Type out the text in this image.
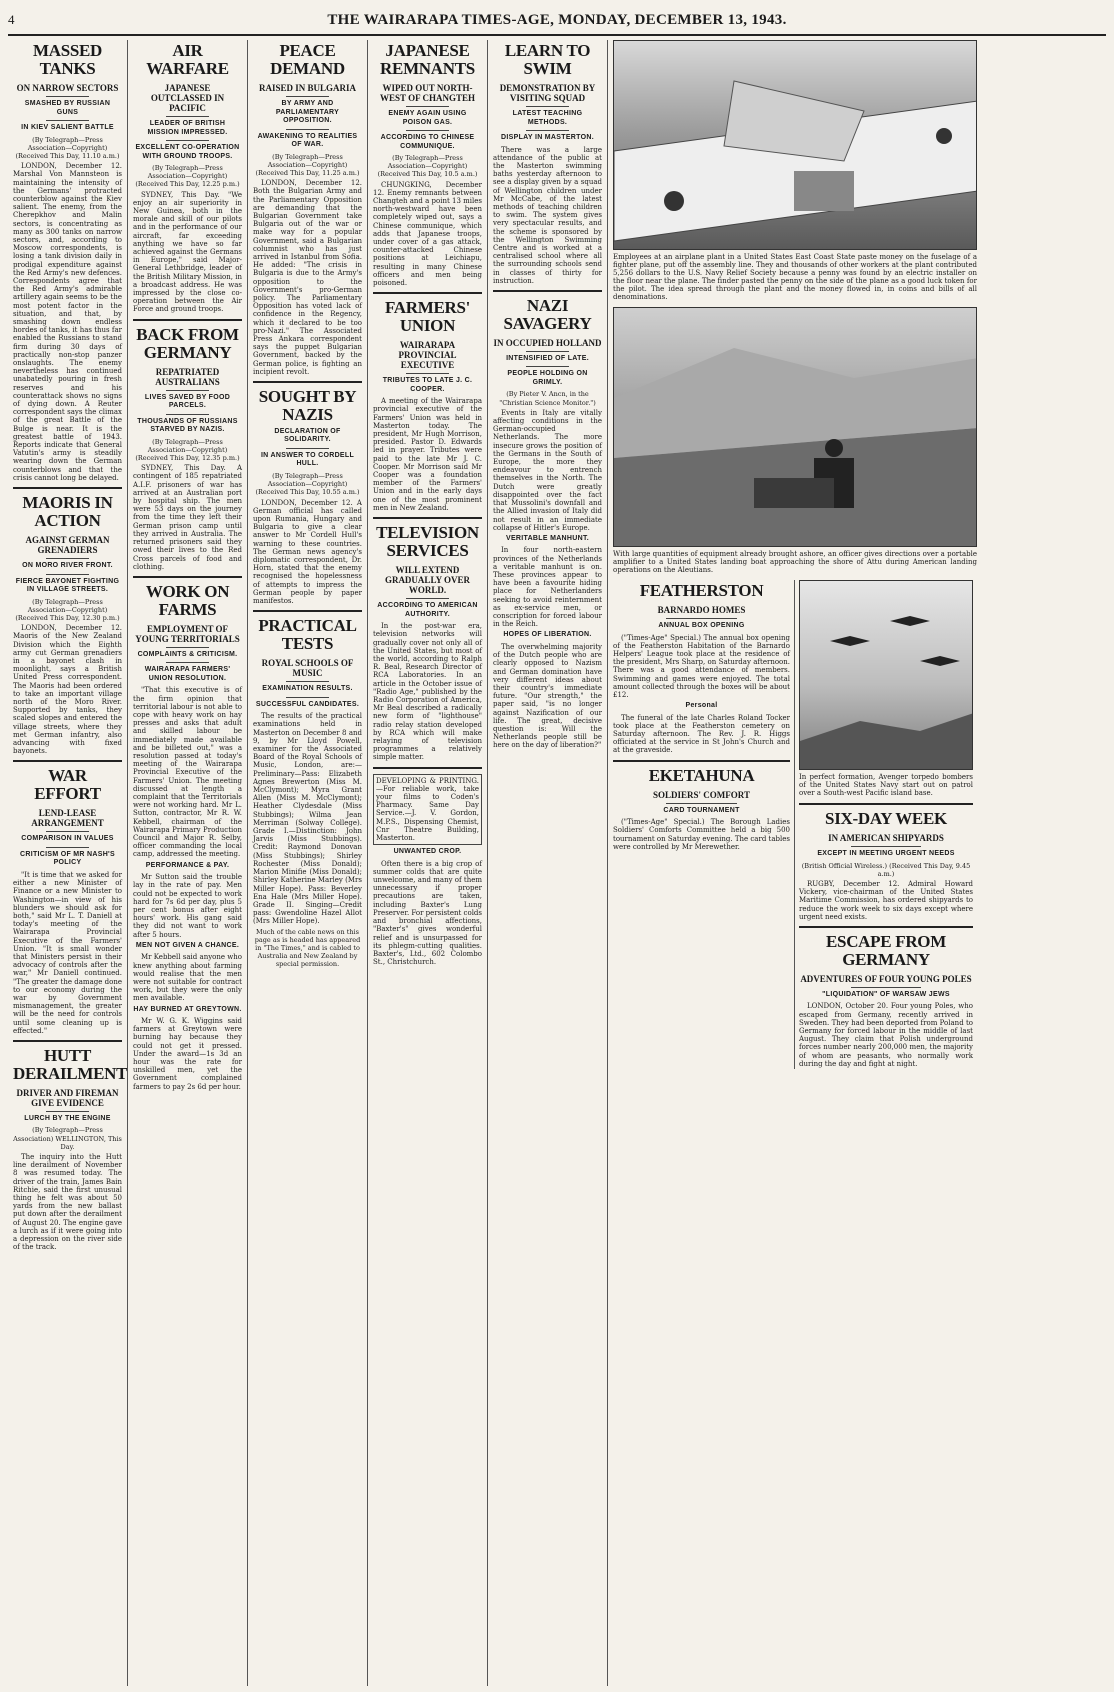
4	THE WAIRARAPA TIMES-AGE, MONDAY, DECEMBER 13, 1943.
MASSED TANKS
ON NARROW SECTORS
SMASHED BY RUSSIAN GUNS
IN KIEV SALIENT BATTLE

(By Telegraph—Press Association—Copyright) (Received This Day, 11.10 a.m.)

LONDON, December 12. Marshal Von Mannsteon is maintaining the intensity of the Germans' protracted counterblow against the Kiev salient. The enemy, from the Cherepkhov and Malin sectors, is concentrating as many as 300 tanks on narrow sectors, and, according to Moscow correspondents, is losing a tank division daily in prodigal expenditure against the Red Army's new defences. Correspondents agree that the Red Army's admirable artillery again seems to be the most potent factor in the situation, and that, by smashing down endless hordes of tanks, it has thus far enabled the Russians to stand firm during 30 days of practically non-stop panzer onslaughts. The enemy nevertheless has continued unabatedly pouring in fresh reserves and his counterattack shows no signs of dying down. A Reuter correspondent says the climax of the great Battle of the Bulge is near. It is the greatest battle of 1943. Reports indicate that General Vatutin's army is steadily wearing down the German counterblows and that the crisis cannot long be delayed.

MAORIS IN ACTION
AGAINST GERMAN GRENADIERS
ON MORO RIVER FRONT.
FIERCE BAYONET FIGHTING IN VILLAGE STREETS.

(By Telegraph—Press Association—Copyright) (Received This Day, 12.30 p.m.)

LONDON, December 12. Maoris of the New Zealand Division which the Eighth army cut German grenadiers in a bayonet clash in moonlight, says a British United Press correspondent. The Maoris had been ordered to take an important village north of the Moro River. Supported by tanks, they scaled slopes and entered the village streets, where they met German infantry, also advancing with fixed bayonets.

WAR EFFORT
LEND-LEASE ARRANGEMENT
COMPARISON IN VALUES
CRITICISM OF MR NASH'S POLICY

"It is time that we asked for either a new Minister of Finance or a new Minister to Washington—in view of his blunders we should ask for both," said Mr L. T. Daniell at today's meeting of the Wairarapa Provincial Executive of the Farmers' Union. "It is small wonder that Ministers persist in their advocacy of controls after the war," Mr Daniell continued. "The greater the damage done to our economy during the war by Government mismanagement, the greater will be the need for controls until some cleaning up is effected."

HUTT DERAILMENT
DRIVER AND FIREMAN GIVE EVIDENCE
LURCH BY THE ENGINE

(By Telegraph—Press Association) WELLINGTON, This Day.

The inquiry into the Hutt line derailment of November 8 was resumed today. The driver of the train, James Bain Ritchie, said the first unusual thing he felt was about 50 yards from the new ballast put down after the derailment of August 20. The engine gave a lurch as if it were going into a depression on the river side of the track.

AIR WARFARE
JAPANESE OUTCLASSED IN PACIFIC
LEADER OF BRITISH MISSION IMPRESSED.
EXCELLENT CO-OPERATION WITH GROUND TROOPS.

(By Telegraph—Press Association—Copyright) (Received This Day, 12.25 p.m.)

SYDNEY, This Day. "We enjoy an air superiority in New Guinea, both in the morale and skill of our pilots and in the performance of our aircraft, far exceeding anything we have so far achieved against the Germans in Europe," said Major-General Lethbridge, leader of the British Military Mission, in a broadcast address. He was impressed by the close co-operation between the Air Force and ground troops.

BACK FROM GERMANY
REPATRIATED AUSTRALIANS
LIVES SAVED BY FOOD PARCELS.
THOUSANDS OF RUSSIANS STARVED BY NAZIS.

(By Telegraph—Press Association—Copyright) (Received This Day, 12.35 p.m.)

SYDNEY, This Day. A contingent of 185 repatriated A.I.F. prisoners of war has arrived at an Australian port by hospital ship. The men were 53 days on the journey from the time they left their German prison camp until they arrived in Australia. The returned prisoners said they owed their lives to the Red Cross parcels of food and clothing.

WORK ON FARMS
EMPLOYMENT OF YOUNG TERRITORIALS
COMPLAINTS & CRITICISM.
WAIRARAPA FARMERS' UNION RESOLUTION.

"That this executive is of the firm opinion that territorial labour is not able to cope with heavy work on hay presses and asks that adult and skilled labour be immediately made available and be billeted out," was a resolution passed at today's meeting of the Wairarapa Provincial Executive of the Farmers' Union. The meeting discussed at length a complaint that the Territorials were not working hard. Mr L. Sutton, contractor, Mr R. W. Kebbell, chairman of the Wairarapa Primary Production Council and Major R. Selby, officer commanding the local camp, addressed the meeting.

PERFORMANCE & PAY.

Mr Sutton said the trouble lay in the rate of pay. Men could not be expected to work hard for 7s 6d per day, plus 5 per cent bonus after eight hours' work. His gang said they did not want to work after 5 hours.

MEN NOT GIVEN A CHANCE.

Mr Kebbell said anyone who knew anything about farming would realise that the men were not suitable for contract work, but they were the only men available.

HAY BURNED AT GREYTOWN.

Mr W. G. K. Wiggins said farmers at Greytown were burning hay because they could not get it pressed. Under the award—1s 3d an hour was the rate for unskilled men, yet the Government complained farmers to pay 2s 6d per hour.

PEACE DEMAND
RAISED IN BULGARIA
BY ARMY AND PARLIAMENTARY OPPOSITION.
AWAKENING TO REALITIES OF WAR.

(By Telegraph—Press Association—Copyright) (Received This Day, 11.25 a.m.)

LONDON, December 12. Both the Bulgarian Army and the Parliamentary Opposition are demanding that the Bulgarian Government take Bulgaria out of the war or make way for a popular Government, said a Bulgarian columnist who has just arrived in Istanbul from Sofia. He added: "The crisis in Bulgaria is due to the Army's opposition to the Government's pro-German policy. The Parliamentary Opposition has voted lack of confidence in the Regency, which it declared to be too pro-Nazi." The Associated Press Ankara correspondent says the puppet Bulgarian Government, backed by the German police, is fighting an incipient revolt.

SOUGHT BY NAZIS
DECLARATION OF SOLIDARITY.
IN ANSWER TO CORDELL HULL.

(By Telegraph—Press Association—Copyright) (Received This Day, 10.55 a.m.)

LONDON, December 12. A German official has called upon Rumania, Hungary and Bulgaria to give a clear answer to Mr Cordell Hull's warning to these countries. The German news agency's diplomatic correspondent, Dr. Horn, stated that the enemy recognised the hopelessness of attempts to impress the German people by paper manifestos.

PRACTICAL TESTS
ROYAL SCHOOLS OF MUSIC
EXAMINATION RESULTS.
SUCCESSFUL CANDIDATES.

The results of the practical examinations held in Masterton on December 8 and 9, by Mr Lloyd Powell, examiner for the Associated Board of the Royal Schools of Music, London, are:— Preliminary—Pass: Elizabeth Agnes Brewerton (Miss M. McClymont); Myra Grant Allen (Miss M. McClymont); Heather Clydesdale (Miss Stubbings); Wilma Jean Merriman (Solway College). Grade I.—Distinction: John Jarvis (Miss Stubbings). Credit: Raymond Donovan (Miss Stubbings); Shirley Rochester (Miss Donald); Marion Minifie (Miss Donald); Shirley Katherine Marley (Mrs Miller Hope). Pass: Beverley Ena Hale (Mrs Miller Hope). Grade II. Singing—Credit pass: Gwendoline Hazel Allot (Mrs Miller Hope).

Much of the cable news on this page as is headed has appeared in "The Times," and is cabled to Australia and New Zealand by special permission.

JAPANESE REMNANTS
WIPED OUT NORTH-WEST OF CHANGTEH
ENEMY AGAIN USING POISON GAS.
ACCORDING TO CHINESE COMMUNIQUE.

(By Telegraph—Press Association—Copyright) (Received This Day, 10.5 a.m.)

CHUNGKING, December 12. Enemy remnants between Changteh and a point 13 miles north-westward have been completely wiped out, says a Chinese communique, which adds that Japanese troops, under cover of a gas attack, counter-attacked Chinese positions at Leichiapu, resulting in many Chinese officers and men being poisoned.

FARMERS' UNION
WAIRARAPA PROVINCIAL EXECUTIVE
TRIBUTES TO LATE J. C. COOPER.

A meeting of the Wairarapa provincial executive of the Farmers' Union was held in Masterton today. The president, Mr Hugh Morrison, presided. Pastor D. Edwards led in prayer. Tributes were paid to the late Mr J. C. Cooper. Mr Morrison said Mr Cooper was a foundation member of the Farmers' Union and in the early days one of the most prominent men in New Zealand.

TELEVISION SERVICES
WILL EXTEND GRADUALLY OVER WORLD.
ACCORDING TO AMERICAN AUTHORITY.

In the post-war era, television networks will gradually cover not only all of the United States, but most of the world, according to Ralph R. Beal, Research Director of RCA Laboratories. In an article in the October issue of "Radio Age," published by the Radio Corporation of America, Mr Beal described a radically new form of "lighthouse" radio relay station developed by RCA which will make relaying of television programmes a relatively simple matter.

DEVELOPING & PRINTING.—For reliable work, take your films to Coden's Pharmacy. Same Day Service.—J. V. Gordon, M.P.S., Dispensing Chemist, Cnr Theatre Building, Masterton.

UNWANTED CROP.

Often there is a big crop of summer colds that are quite unwelcome, and many of them unnecessary if proper precautions are taken, including Baxter's Lung Preserver. For persistent colds and bronchial affections, "Baxter's" gives wonderful relief and is unsurpassed for its phlegm-cutting qualities. Baxter's, Ltd., 602 Colombo St., Christchurch.

LEARN TO SWIM
DEMONSTRATION BY VISITING SQUAD
LATEST TEACHING METHODS.
DISPLAY IN MASTERTON.

There was a large attendance of the public at the Masterton swimming baths yesterday afternoon to see a display given by a squad of Wellington children under Mr McCabe, of the latest methods of teaching children to swim. The system gives very spectacular results, and the scheme is sponsored by the Wellington Swimming Centre and is worked at a centralised school where all the surrounding schools send in classes of thirty for instruction.

NAZI SAVAGERY
IN OCCUPIED HOLLAND
INTENSIFIED OF LATE.
PEOPLE HOLDING ON GRIMLY.

(By Pieter V. Ancn, in the "Christian Science Monitor.")

Events in Italy are vitally affecting conditions in the German-occupied Netherlands. The more insecure grows the position of the Germans in the South of Europe, the more they endeavour to entrench themselves in the North. The Dutch were greatly disappointed over the fact that Mussolini's downfall and the Allied invasion of Italy did not result in an immediate collapse of Hitler's Europe.

VERITABLE MANHUNT.

In four north-eastern provinces of the Netherlands a veritable manhunt is on. These provinces appear to have been a favourite hiding place for Netherlanders seeking to avoid reinternment as ex-service men, or conscription for forced labour in the Reich.

HOPES OF LIBERATION.

The overwhelming majority of the Dutch people who are clearly opposed to Nazism and German domination have very different ideas about their country's immediate future. "Our strength," the paper said, "is no longer against Nazification of our life. The great, decisive question is: Will the Netherlands people still be here on the day of liberation?"

Employees at an airplane plant in a United States East Coast State paste money on the fuselage of a fighter plane, put off the assembly line. They and thousands of other workers at the plant contributed 5,256 dollars to the U.S. Navy Relief Society because a penny was found by an electric installer on the floor near the plane. The finder pasted the penny on the side of the plane as a good luck token for the pilot. The idea spread through the plant and the money flowed in, in coins and bills of all denominations.

With large quantities of equipment already brought ashore, an officer gives directions over a portable amplifier to a United States landing boat approaching the shore of Attu during American landing operations on the Aleutians.

FEATHERSTON
BARNARDO HOMES
ANNUAL BOX OPENING

("Times-Age" Special.) The annual box opening of the Featherston Habitation of the Barnardo Helpers' League took place at the residence of the president, Mrs Sharp, on Saturday afternoon. There was a good attendance of members. Swimming and games were enjoyed. The total amount collected through the boxes will be about £12.

Personal

The funeral of the late Charles Roland Tocker took place at the Featherston cemetery on Saturday afternoon. The Rev. J. R. Higgs officiated at the service in St John's Church and at the graveside.

EKETAHUNA
SOLDIERS' COMFORT
CARD TOURNAMENT

("Times-Age" Special.) The Borough Ladies Soldiers' Comforts Committee held a big 500 tournament on Saturday evening. The card tables were controlled by Mr Merewether.

In perfect formation, Avenger torpedo bombers of the United States Navy start out on patrol over a South-west Pacific island base.

SIX-DAY WEEK
IN AMERICAN SHIPYARDS
EXCEPT IN MEETING URGENT NEEDS

(British Official Wireless.) (Received This Day, 9.45 a.m.)

RUGBY, December 12. Admiral Howard Vickery, vice-chairman of the United States Maritime Commission, has ordered shipyards to reduce the work week to six days except where urgent need exists.

ESCAPE FROM GERMANY
ADVENTURES OF FOUR YOUNG POLES
"LIQUIDATION" OF WARSAW JEWS

LONDON, October 20. Four young Poles, who escaped from Germany, recently arrived in Sweden. They had been deported from Poland to Germany for forced labour in the middle of last August. They claim that Polish underground forces number nearly 200,000 men, the majority of whom are peasants, who normally work during the day and fight at night.
